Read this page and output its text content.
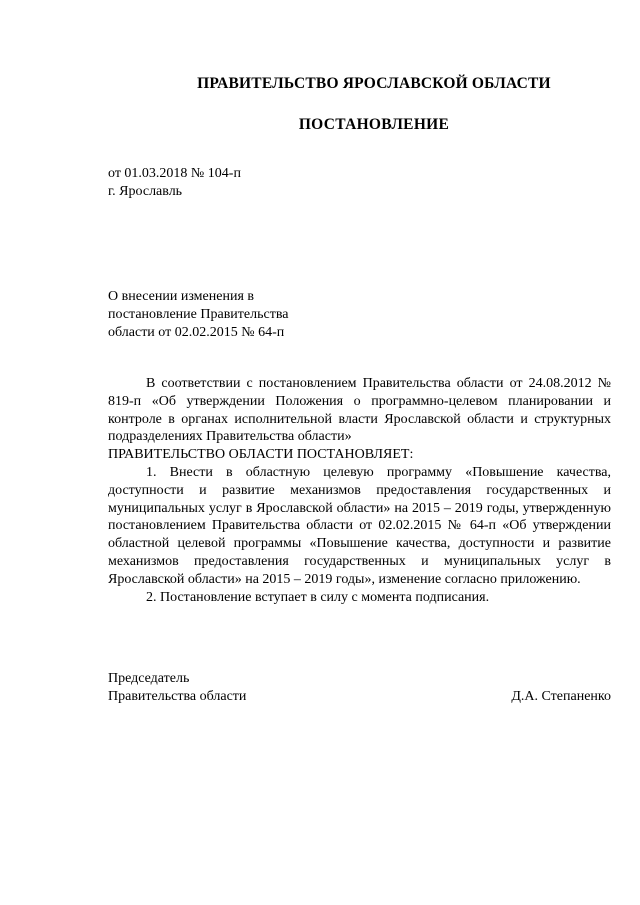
ПРАВИТЕЛЬСТВО ЯРОСЛАВСКОЙ ОБЛАСТИ
ПОСТАНОВЛЕНИЕ
от 01.03.2018 № 104-п
г. Ярославль
О внесении изменения в
постановление Правительства
области от 02.02.2015 № 64-п

В соответствии с постановлением Правительства области от 24.08.2012 № 819-п «Об утверждении Положения о программно-целевом планировании и контроле в органах исполнительной власти Ярославской области и структурных подразделениях Правительства области»

ПРАВИТЕЛЬСТВО ОБЛАСТИ ПОСТАНОВЛЯЕТ:

1. Внести в областную целевую программу «Повышение качества, доступности и развитие механизмов предоставления государственных и муниципальных услуг в Ярославской области» на 2015 – 2019 годы, утвержденную постановлением Правительства области от 02.02.2015 № 64-п «Об утверждении областной целевой программы «Повышение качества, доступности и развитие механизмов предоставления государственных и муниципальных услуг в Ярославской области» на 2015 – 2019 годы», изменение согласно приложению.

2. Постановление вступает в силу с момента подписания.

Председатель
Правительства области	Д.А. Степаненко
